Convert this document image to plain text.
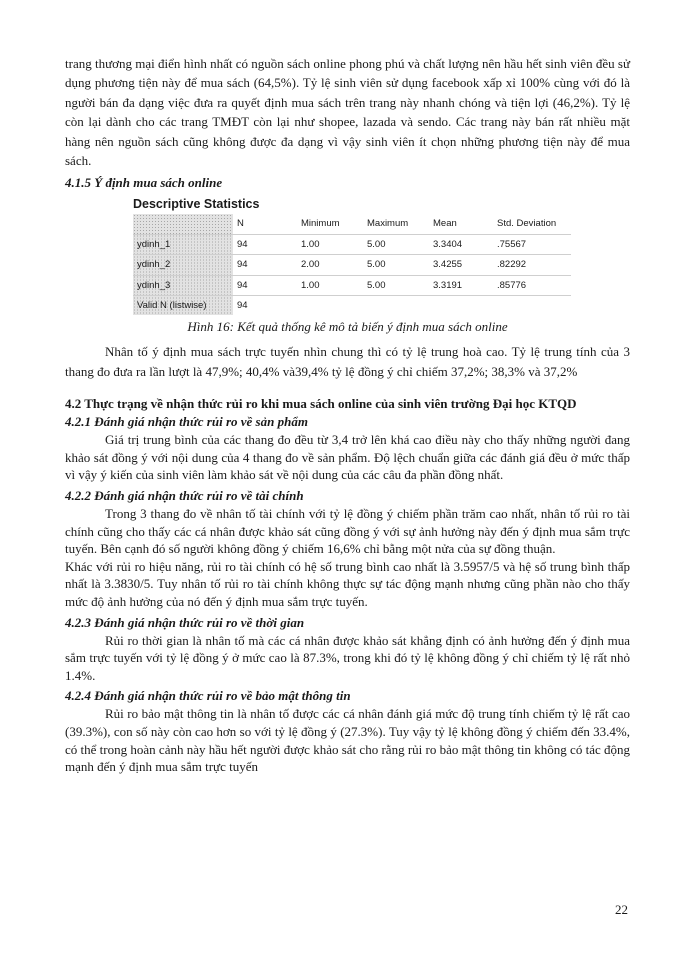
trang thương mại điển hình nhất có nguồn sách online phong phú và chất lượng nên hầu hết sinh viên đều sử dụng phương tiện này để mua sách (64,5%). Tỷ lệ sinh viên sử dụng facebook xấp xỉ 100% cùng với đó là người bán đa dạng việc đưa ra quyết định mua sách trên trang này nhanh chóng và tiện lợi (46,2%). Tỷ lệ còn lại dành cho các trang TMĐT còn lại như shopee, lazada và sendo. Các trang này bán rất nhiều mặt hàng nên nguồn sách cũng không được đa dạng vì vậy sinh viên ít chọn những phương tiện này để mua sách.

4.1.5 Ý định mua sách online
Descriptive Statistics
	N	Minimum	Maximum	Mean	Std. Deviation
ydinh_1	94	1.00	5.00	3.3404	.75567
ydinh_2	94	2.00	5.00	3.4255	.82292
ydinh_3	94	1.00	5.00	3.3191	.85776
Valid N (listwise)	94				
Hình 16: Kết quả thống kê mô tả biến ý định mua sách online

Nhân tố ý định mua sách trực tuyến nhìn chung thì có tỷ lệ trung hoà cao. Tỷ lệ trung tính của 3 thang đo đưa ra lần lượt là 47,9%; 40,4% và39,4% tỷ lệ đồng ý chỉ chiếm 37,2%; 38,3% và 37,2%

4.2 Thực trạng về nhận thức rủi ro khi mua sách online của sinh viên trường Đại học KTQD
4.2.1 Đánh giá nhận thức rủi ro về sản phẩm

Giá trị trung bình của các thang đo đều từ 3,4 trở lên khá cao điều này cho thấy những người đang khảo sát đồng ý với nội dung của 4 thang đo về sản phẩm. Độ lệch chuẩn giữa các đánh giá đều ở mức thấp vì vậy ý kiến của sinh viên làm khảo sát về nội dung của các câu đa phần đồng nhất.

4.2.2 Đánh giá nhận thức rủi ro về tài chính

Trong 3 thang đo về nhân tố tài chính với tỷ lệ đồng ý chiếm phần trăm cao nhất, nhân tố rủi ro tài chính cũng cho thấy các cá nhân được khảo sát cũng đồng ý với sự ảnh hưởng này đến ý định mua sắm trực tuyến. Bên cạnh đó số người không đồng ý chiếm 16,6% chỉ bằng một nửa của sự đồng thuận.

Khác với rủi ro hiệu năng, rủi ro tài chính có hệ số trung bình cao nhất là 3.5957/5 và hệ số trung bình thấp nhất là 3.3830/5. Tuy nhân tố rủi ro tài chính không thực sự tác động mạnh nhưng cũng phần nào cho thấy mức độ ảnh hưởng của nó đến ý định mua sắm trực tuyến.

4.2.3 Đánh giá nhận thức rủi ro về thời gian

Rủi ro thời gian là nhân tố mà các cá nhân được khảo sát khẳng định có ảnh hưởng đến ý định mua sắm trực tuyến với tỷ lệ đồng ý ở mức cao là 87.3%, trong khi đó tỷ lệ không đồng ý chỉ chiếm tỷ lệ rất nhỏ 1.4%.

4.2.4 Đánh giá nhận thức rủi ro về bảo mật thông tin

Rủi ro bảo mật thông tin là nhân tố được các cá nhân đánh giá mức độ trung tính chiếm tỷ lệ rất cao (39.3%), con số này còn cao hơn so với tỷ lệ đồng ý (27.3%). Tuy vậy tỷ lệ không đồng ý chiếm đến 33.4%, có thể trong hoàn cảnh này hầu hết người được khảo sát cho rằng rủi ro bảo mật thông tin không có tác động mạnh đến ý định mua sắm trực tuyến

22
